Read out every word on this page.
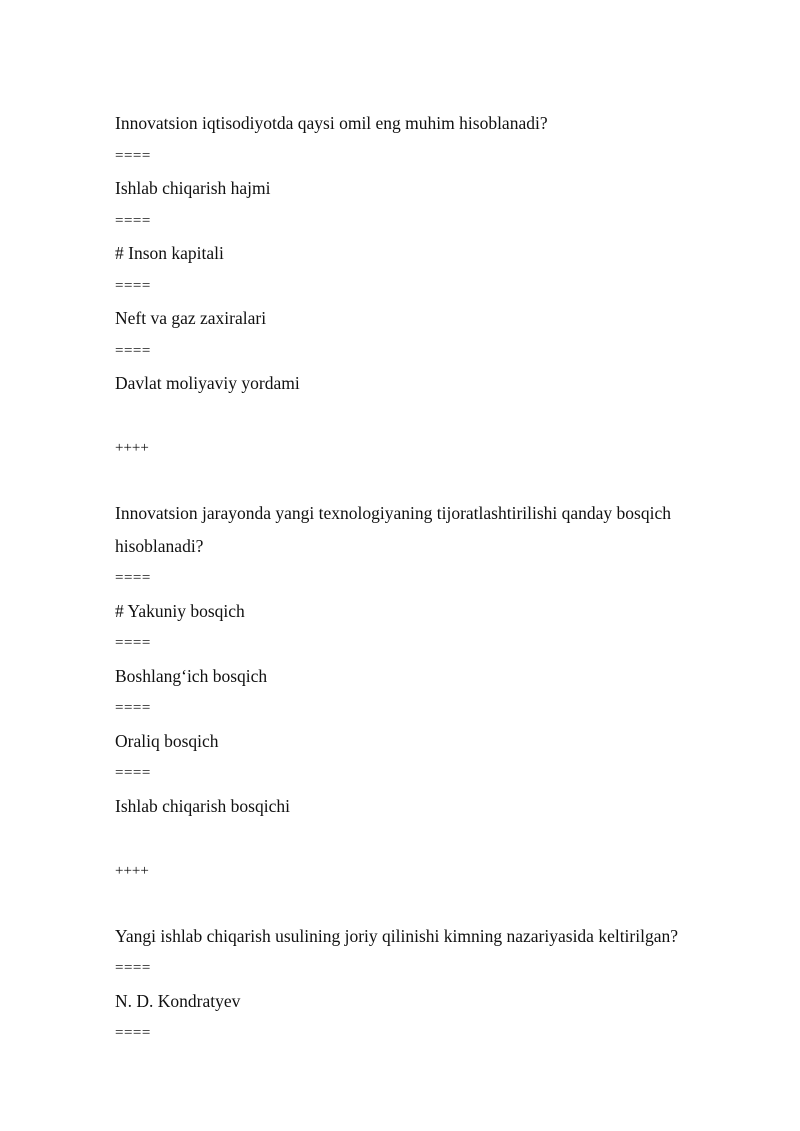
Innovatsion iqtisodiyotda qaysi omil eng muhim hisoblanadi?
====
Ishlab chiqarish hajmi
====
# Inson kapitali
====
Neft va gaz zaxiralari
====
Davlat moliyaviy yordami
++++
Innovatsion jarayonda yangi texnologiyaning tijoratlashtirilishi qanday bosqich hisoblanadi?
====
# Yakuniy bosqich
====
Boshlang‘ich bosqich
====
Oraliq bosqich
====
Ishlab chiqarish bosqichi
++++
Yangi ishlab chiqarish usulining joriy qilinishi kimning nazariyasida keltirilgan?
====
N. D. Kondratyev
====
